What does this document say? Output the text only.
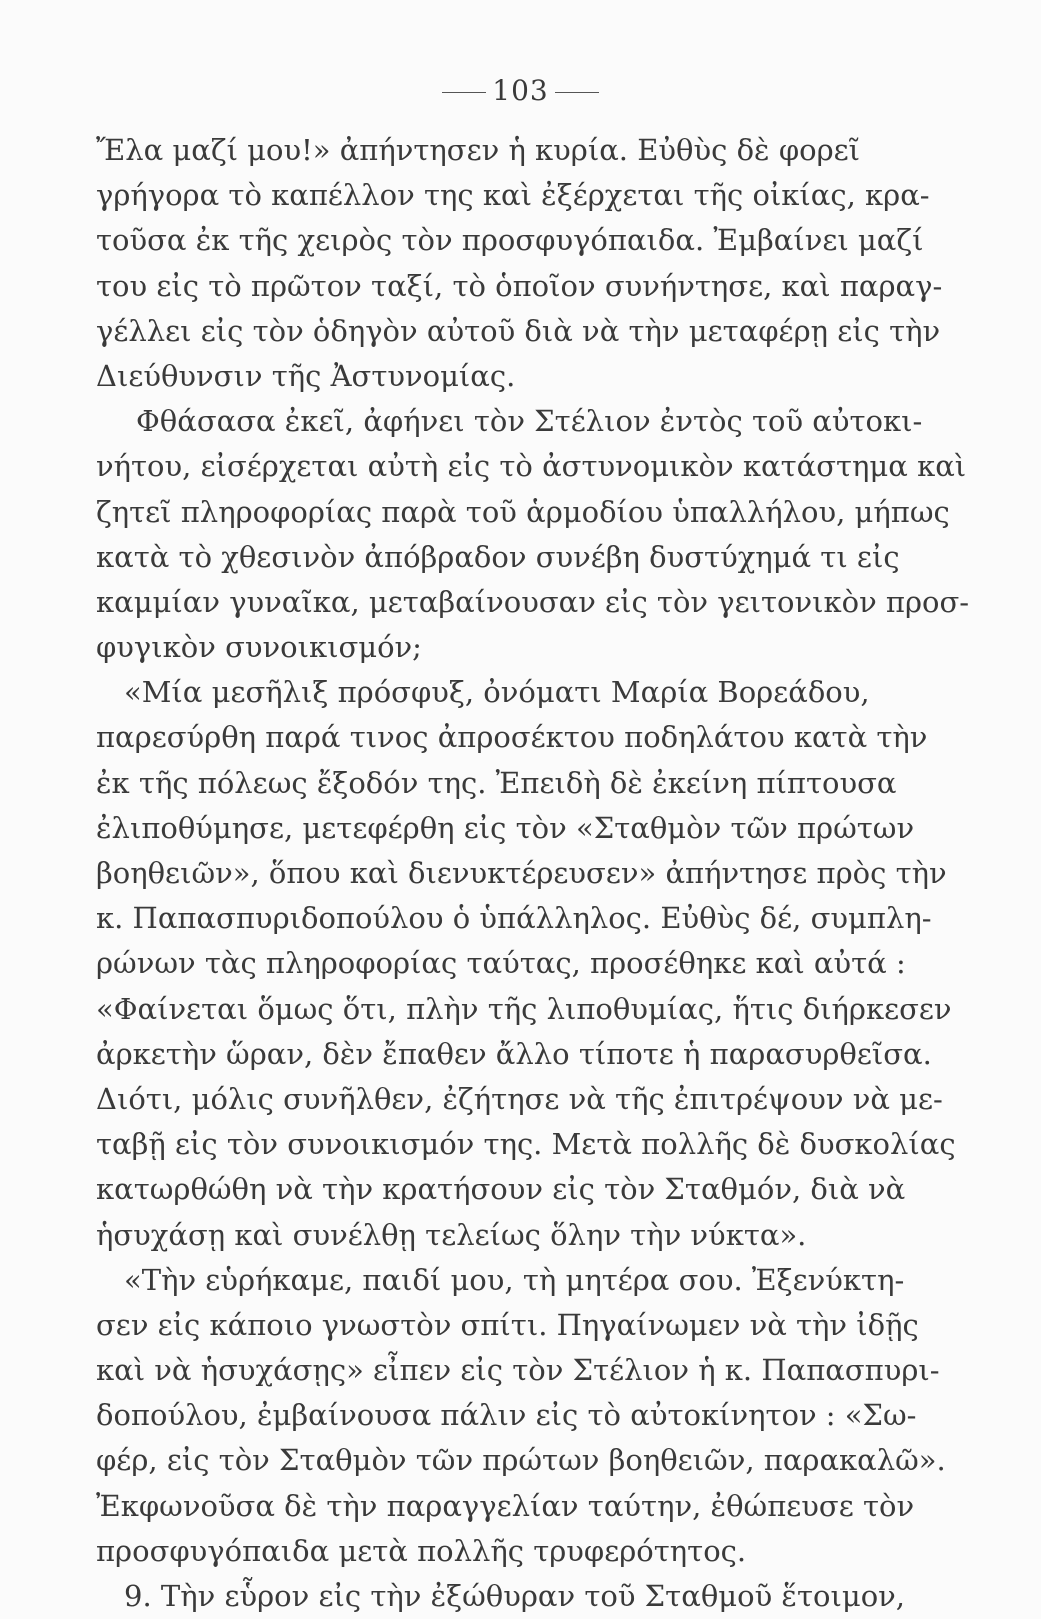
103
Ἔλα μαζί μου!» ἀπήντησεν ἡ κυρία. Εὐθὺς δὲ φορεῖ
γρήγορα τὸ καπέλλον της καὶ ἐξέρχεται τῆς οἰκίας, κρα-
τοῦσα ἐκ τῆς χειρὸς τὸν προσφυγόπαιδα. Ἐμβαίνει μαζί
του εἰς τὸ πρῶτον ταξί, τὸ ὁποῖον συνήντησε, καὶ παραγ-
γέλλει εἰς τὸν ὁδηγὸν αὐτοῦ διὰ νὰ τὴν μεταφέρῃ εἰς τὴν
Διεύθυνσιν τῆς Ἀστυνομίας.
Φθάσασα ἐκεῖ, ἀφήνει τὸν Στέλιον ἐντὸς τοῦ αὐτοκι-
νήτου, εἰσέρχεται αὐτὴ εἰς τὸ ἀστυνομικὸν κατάστημα καὶ
ζητεῖ πληροφορίας παρὰ τοῦ ἁρμοδίου ὑπαλλήλου, μήπως
κατὰ τὸ χθεσινὸν ἀπόβραδον συνέβη δυστύχημά τι εἰς
καμμίαν γυναῖκα, μεταβαίνουσαν εἰς τὸν γειτονικὸν προσ-
φυγικὸν συνοικισμόν;
«Μία μεσῆλιξ πρόσφυξ, ὀνόματι Μαρία Βορεάδου,
παρεσύρθη παρά τινος ἀπροσέκτου ποδηλάτου κατὰ τὴν
ἐκ τῆς πόλεως ἔξοδόν της. Ἐπειδὴ δὲ ἐκείνη πίπτουσα
ἐλιποθύμησε, μετεφέρθη εἰς τὸν «Σταθμὸν τῶν πρώτων
βοηθειῶν», ὅπου καὶ διενυκτέρευσεν» ἀπήντησε πρὸς τὴν
κ. Παπασπυριδοπούλου ὁ ὑπάλληλος. Εὐθὺς δέ, συμπλη-
ρώνων τὰς πληροφορίας ταύτας, προσέθηκε καὶ αὐτά :
«Φαίνεται ὅμως ὅτι, πλὴν τῆς λιποθυμίας, ἥτις διήρκεσεν
ἀρκετὴν ὥραν, δὲν ἔπαθεν ἄλλο τίποτε ἡ παρασυρθεῖσα.
Διότι, μόλις συνῆλθεν, ἐζήτησε νὰ τῆς ἐπιτρέψουν νὰ με-
ταβῇ εἰς τὸν συνοικισμόν της. Μετὰ πολλῆς δὲ δυσκολίας
κατωρθώθη νὰ τὴν κρατήσουν εἰς τὸν Σταθμόν, διὰ νὰ
ἡσυχάσῃ καὶ συνέλθῃ τελείως ὅλην τὴν νύκτα».
«Τὴν εὑρήκαμε, παιδί μου, τὴ μητέρα σου. Ἐξενύκτη-
σεν εἰς κάποιο γνωστὸν σπίτι. Πηγαίνωμεν νὰ τὴν ἰδῇς
καὶ νὰ ἡσυχάσῃς» εἶπεν εἰς τὸν Στέλιον ἡ κ. Παπασπυρι-
δοπούλου, ἐμβαίνουσα πάλιν εἰς τὸ αὐτοκίνητον : «Σω-
φέρ, εἰς τὸν Σταθμὸν τῶν πρώτων βοηθειῶν, παρακαλῶ».
Ἐκφωνοῦσα δὲ τὴν παραγγελίαν ταύτην, ἐθώπευσε τὸν
προσφυγόπαιδα μετὰ πολλῆς τρυφερότητος.
9. Τὴν εὗρον εἰς τὴν ἐξώθυραν τοῦ Σταθμοῦ ἕτοιμον,
